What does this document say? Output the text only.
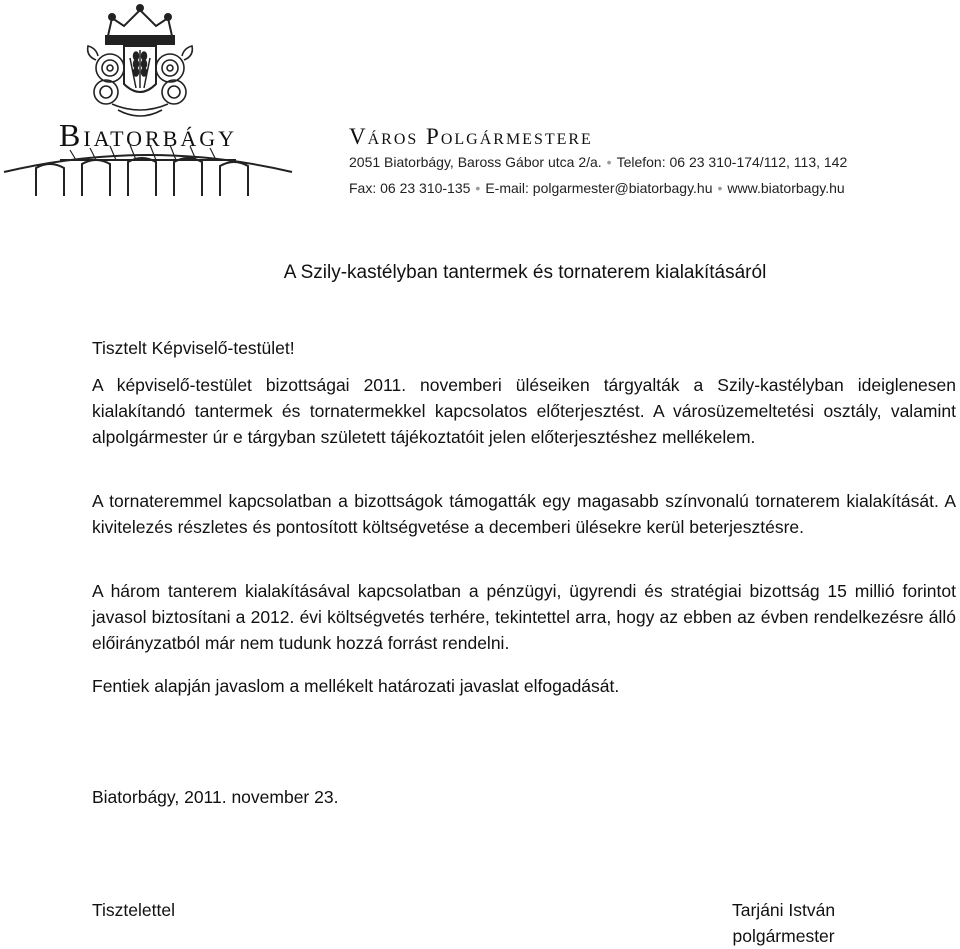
Biatorbágy	Város Polgármestere
2051 Biatorbágy, Baross Gábor utca 2/a. • Telefon: 06 23 310-174/112, 113, 142
Fax: 06 23 310-135 • E-mail: polgarmester@biatorbagy.hu • www.biatorbagy.hu
A Szily-kastélyban tantermek és tornaterem kialakításáról
Tisztelt Képviselő-testület!
A képviselő-testület bizottságai 2011. novemberi üléseiken tárgyalták a Szily-kastélyban ideiglenesen kialakítandó tantermek és tornatermekkel kapcsolatos előterjesztést. A városüzemeltetési osztály, valamint alpolgármester úr e tárgyban született tájékoztatóit jelen előterjesztéshez mellékelem.
A tornateremmel kapcsolatban a bizottságok támogatták egy magasabb színvonalú tornaterem kialakítását. A kivitelezés részletes és pontosított költségvetése a decemberi ülésekre kerül beterjesztésre.
A három tanterem kialakításával kapcsolatban a pénzügyi, ügyrendi és stratégiai bizottság 15 millió forintot javasol biztosítani a 2012. évi költségvetés terhére, tekintettel arra, hogy az ebben az évben rendelkezésre álló előirányzatból már nem tudunk hozzá forrást rendelni.
Fentiek alapján javaslom a mellékelt határozati javaslat elfogadását.
Biatorbágy, 2011. november 23.
Tisztelettel	Tarjáni István
polgármester
